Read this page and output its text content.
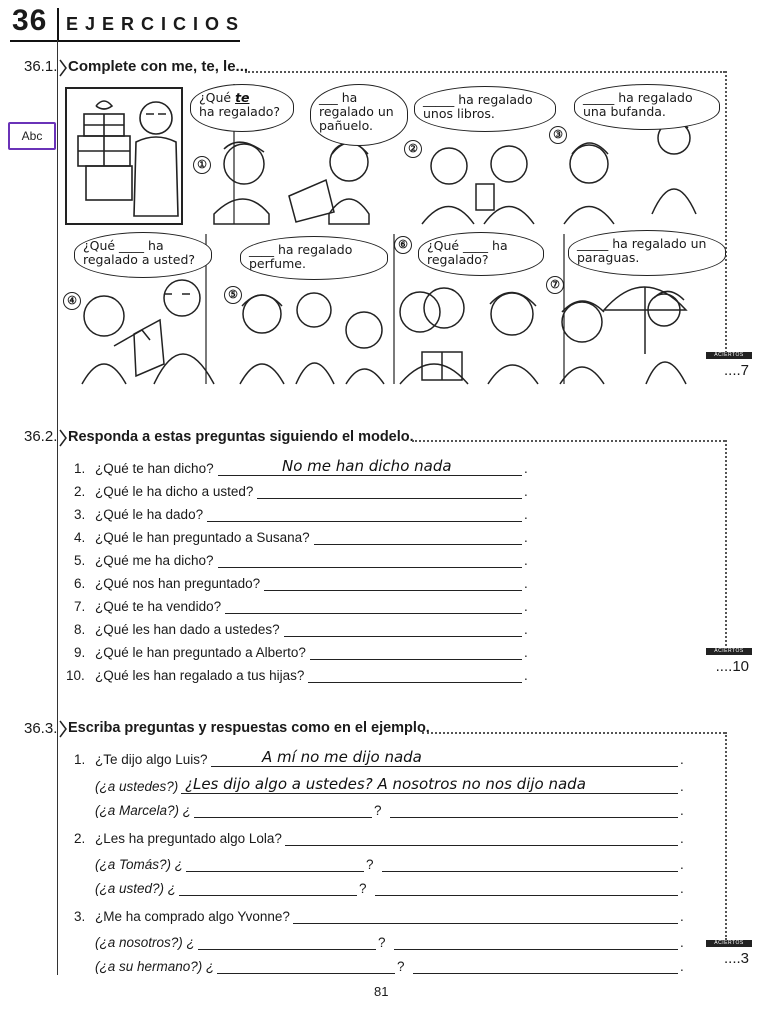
36 EJERCICIOS
Abc
36.1. Complete con me, te, le...
¿Qué te
ha regalado?
①
___ ha regalado un pañuelo.
_____ ha regalado unos libros.
②
_____ ha regalado una bufanda.
③
¿Qué ____ ha regalado a usted?
④
____ ha regalado perfume.
⑤
¿Qué ____ ha regalado?
⑥	_____ ha regalado un paraguas.
⑦
ACIERTOS
....7
36.2. Responda a estas preguntas siguiendo el modelo.
1. ¿Qué te han dicho?	No me han dicho nada	.
2. ¿Qué le ha dicho a usted?	.
3. ¿Qué le ha dado?	.
4. ¿Qué le han preguntado a Susana?	.
5. ¿Qué me ha dicho?	.
6. ¿Qué nos han preguntado?	.
7. ¿Qué te ha vendido?	.
8. ¿Qué les han dado a ustedes?	.
9. ¿Qué le han preguntado a Alberto?	.
10. ¿Qué les han regalado a tus hijas?	.
ACIERTOS
....10
36.3. Escriba preguntas y respuestas como en el ejemplo.
1. ¿Te dijo algo Luis?	A mí no me dijo nada	.
(¿a ustedes?) ¿Les dijo algo a ustedes? A nosotros no nos dijo nada	.
(¿a Marcela?) ¿	.
2. ¿Les ha preguntado algo Lola?	.
(¿a Tomás?) ¿	.
(¿a usted?) ¿	.
3. ¿Me ha comprado algo Yvonne?	.
(¿a nosotros?) ¿	.
(¿a su hermano?) ¿	.
?
?
?
?
?
ACIERTOS
....3
81
